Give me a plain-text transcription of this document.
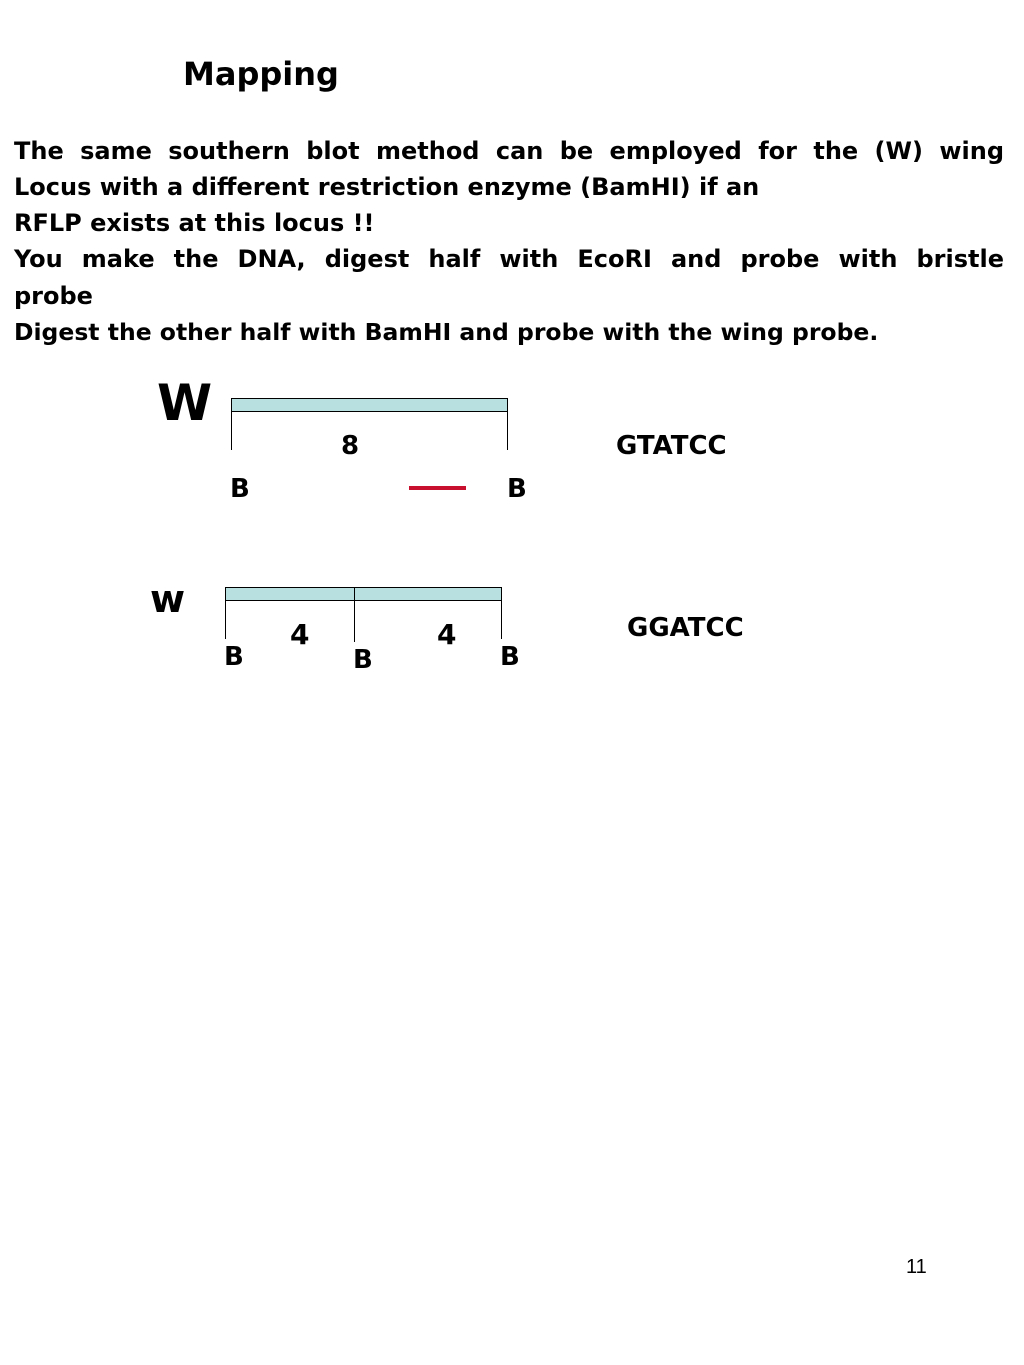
Mapping
The same southern blot method can be employed for the (W) wing
Locus with a different restriction enzyme (BamHI) if an
RFLP exists at this locus !!
You make the DNA, digest half with EcoRI and probe with bristle
probe
Digest the other half with BamHI and probe with the wing probe.
W
8
B	B
GTATCC
w
4	4
B	B	B
GGATCC
11
